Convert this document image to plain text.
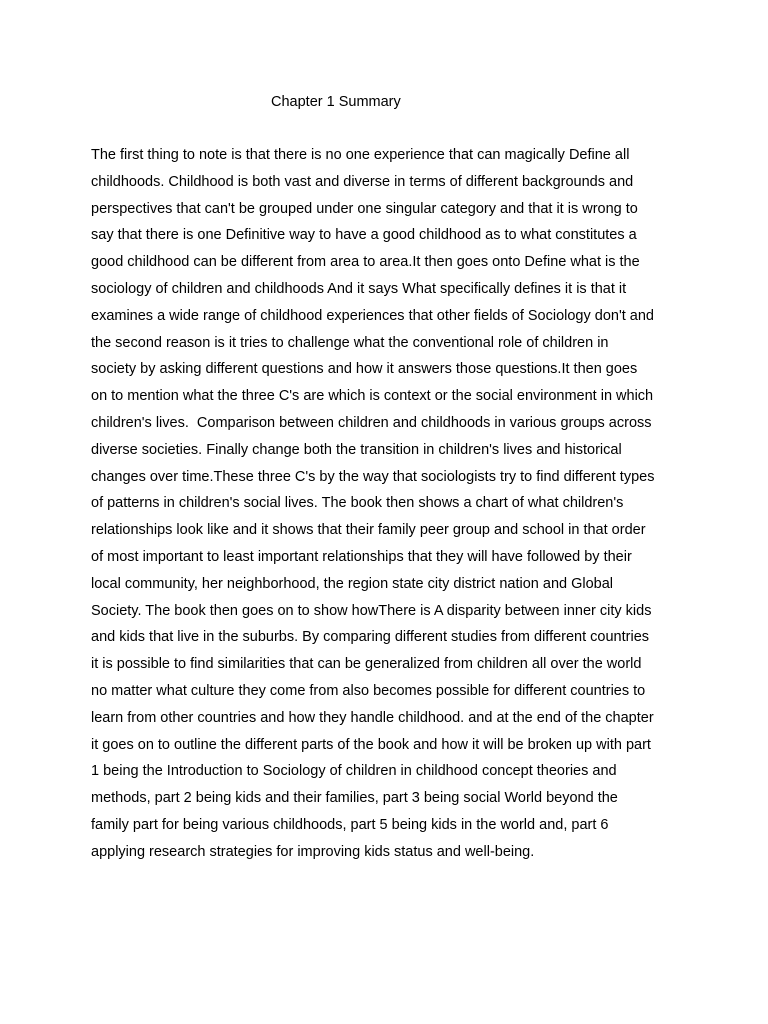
Chapter 1 Summary
The first thing to note is that there is no one experience that can magically Define all
childhoods. Childhood is both vast and diverse in terms of different backgrounds and
perspectives that can't be grouped under one singular category and that it is wrong to
say that there is one Definitive way to have a good childhood as to what constitutes a
good childhood can be different from area to area.It then goes onto Define what is the
sociology of children and childhoods And it says What specifically defines it is that it
examines a wide range of childhood experiences that other fields of Sociology don't and
the second reason is it tries to challenge what the conventional role of children in
society by asking different questions and how it answers those questions.It then goes
on to mention what the three C's are which is context or the social environment in which
children's lives.  Comparison between children and childhoods in various groups across
diverse societies. Finally change both the transition in children's lives and historical
changes over time.These three C's by the way that sociologists try to find different types
of patterns in children's social lives. The book then shows a chart of what children's
relationships look like and it shows that their family peer group and school in that order
of most important to least important relationships that they will have followed by their
local community, her neighborhood, the region state city district nation and Global
Society. The book then goes on to show howThere is A disparity between inner city kids
and kids that live in the suburbs. By comparing different studies from different countries
it is possible to find similarities that can be generalized from children all over the world
no matter what culture they come from also becomes possible for different countries to
learn from other countries and how they handle childhood. and at the end of the chapter
it goes on to outline the different parts of the book and how it will be broken up with part
1 being the Introduction to Sociology of children in childhood concept theories and
methods, part 2 being kids and their families, part 3 being social World beyond the
family part for being various childhoods, part 5 being kids in the world and, part 6
applying research strategies for improving kids status and well-being.
